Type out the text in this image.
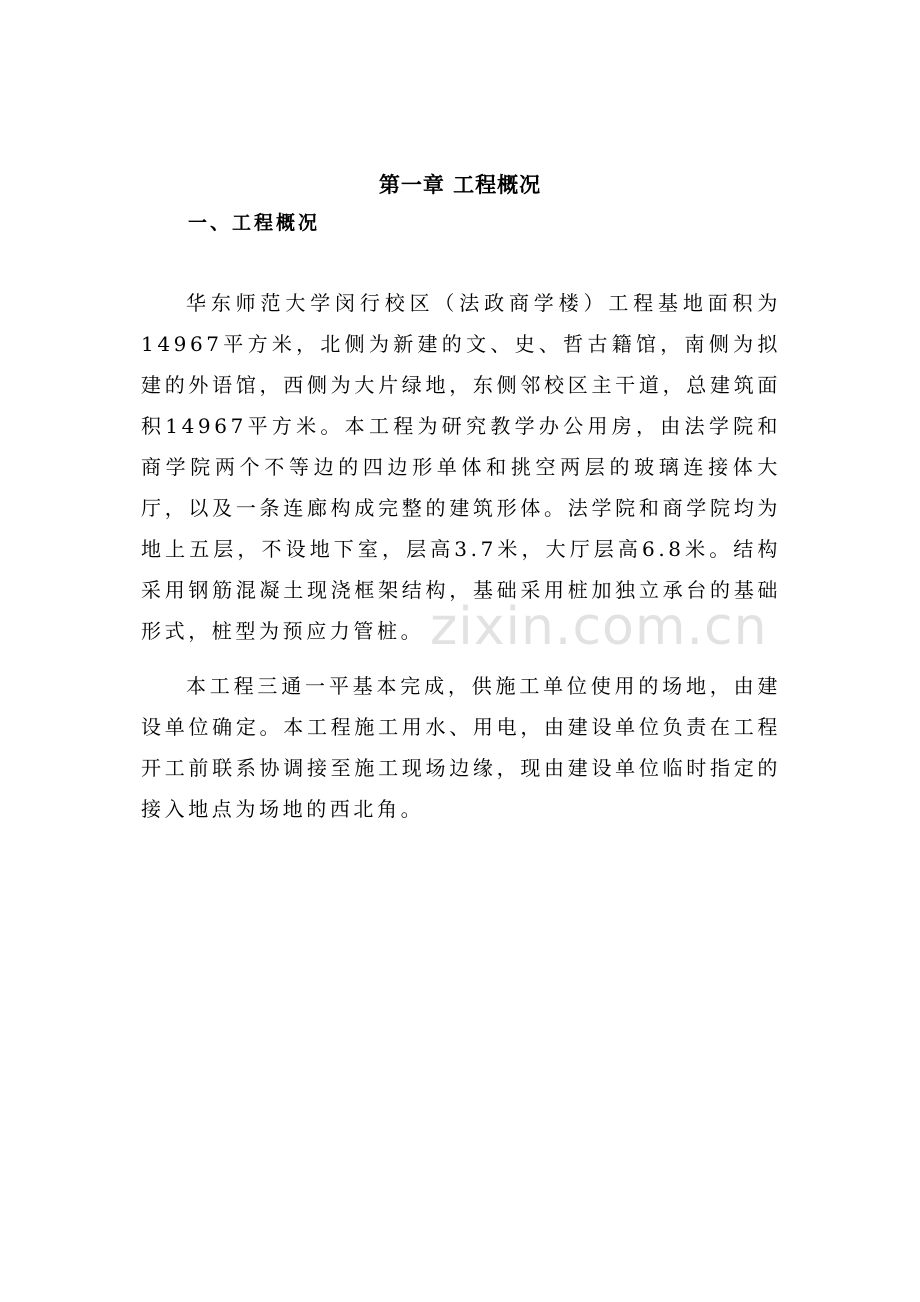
第一章 工程概况
一、工程概况

华东师范大学闵行校区（法政商学楼）工程基地面积为14967平方米，北侧为新建的文、史、哲古籍馆，南侧为拟建的外语馆，西侧为大片绿地，东侧邻校区主干道，总建筑面积14967平方米。本工程为研究教学办公用房，由法学院和商学院两个不等边的四边形单体和挑空两层的玻璃连接体大厅，以及一条连廊构成完整的建筑形体。法学院和商学院均为地上五层，不设地下室，层高3.7米，大厅层高6.8米。结构采用钢筋混凝土现浇框架结构，基础采用桩加独立承台的基础形式，桩型为预应力管桩。

本工程三通一平基本完成，供施工单位使用的场地，由建设单位确定。本工程施工用水、用电，由建设单位负责在工程开工前联系协调接至施工现场边缘，现由建设单位临时指定的接入地点为场地的西北角。

zixin.com.cn
